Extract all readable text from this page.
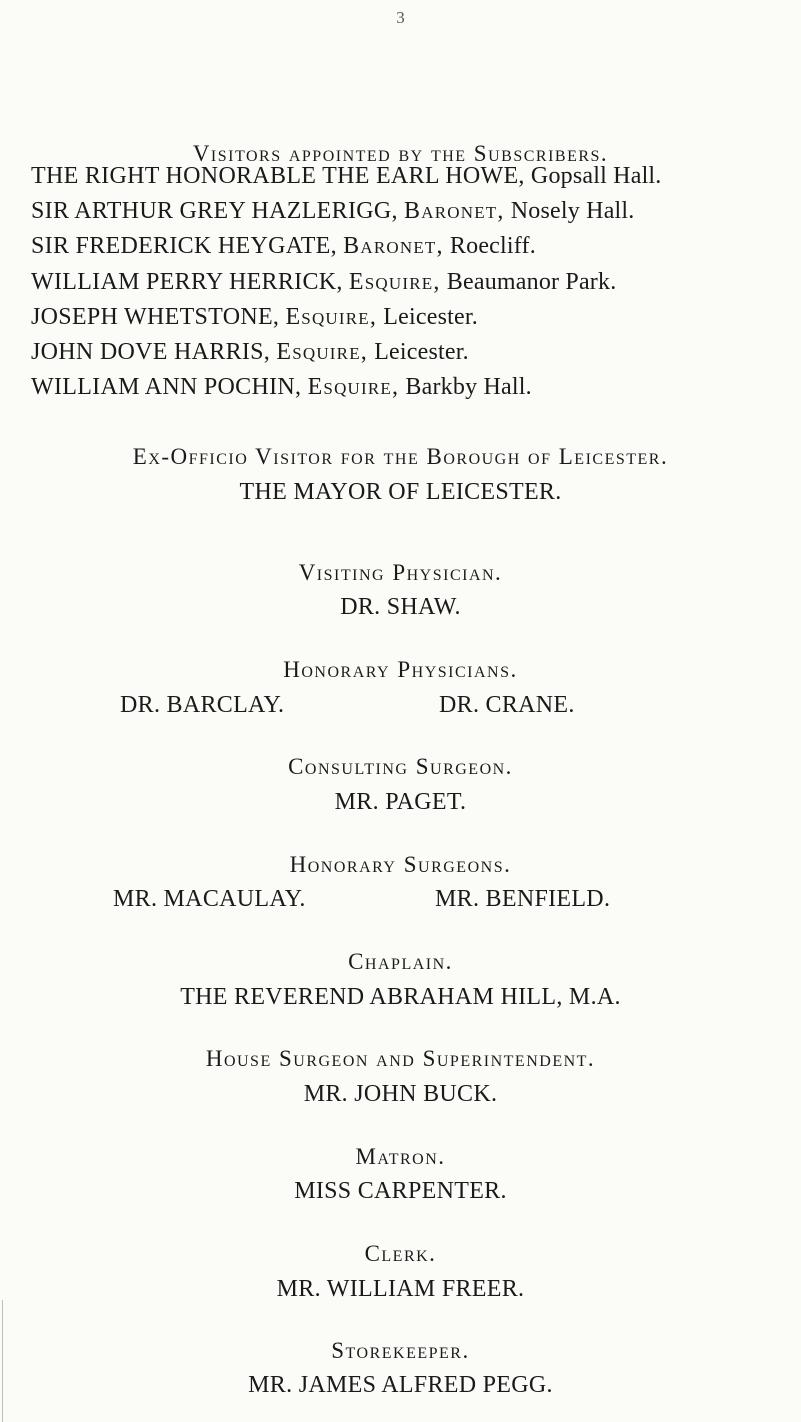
3
Visitors appointed by the Subscribers.
THE RIGHT HONORABLE THE EARL HOWE, Gopsall Hall.
SIR ARTHUR GREY HAZLERIGG, Baronet, Nosely Hall.
SIR FREDERICK HEYGATE, Baronet, Roecliff.
WILLIAM PERRY HERRICK, Esquire, Beaumanor Park.
JOSEPH WHETSTONE, Esquire, Leicester.
JOHN DOVE HARRIS, Esquire, Leicester.
WILLIAM ANN POCHIN, Esquire, Barkby Hall.
Ex-Officio Visitor for the Borough of Leicester.
THE MAYOR OF LEICESTER.
Visiting Physician.
DR. SHAW.
Honorary Physicians.
DR. BARCLAY.	DR. CRANE.
Consulting Surgeon.
MR. PAGET.
Honorary Surgeons.
MR. MACAULAY.	MR. BENFIELD.
Chaplain.
THE REVEREND ABRAHAM HILL, M.A.
House Surgeon and Superintendent.
MR. JOHN BUCK.
Matron.
MISS CARPENTER.
Clerk.
MR. WILLIAM FREER.
Storekeeper.
MR. JAMES ALFRED PEGG.
